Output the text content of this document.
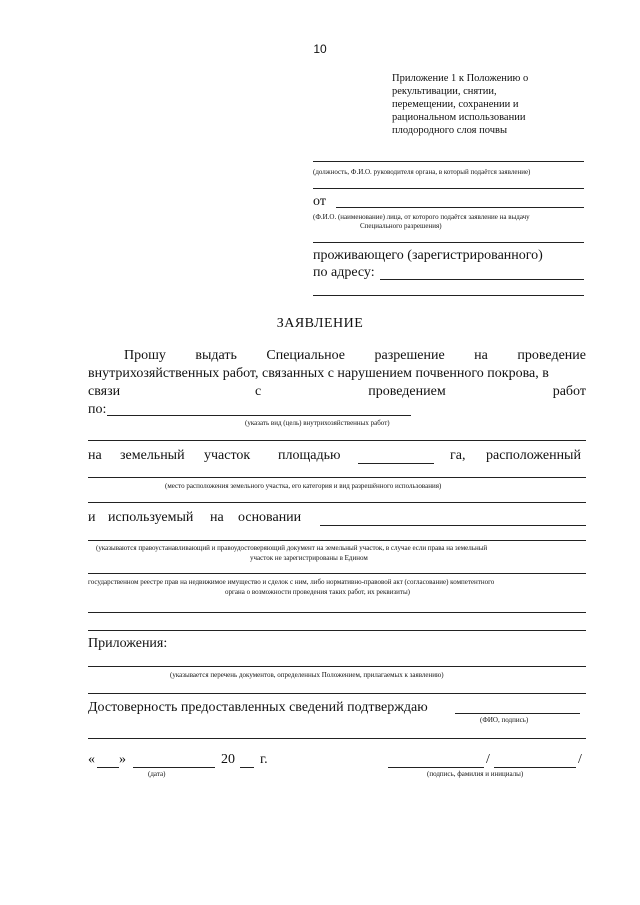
10
Приложение 1 к Положению о рекультивации, снятии, перемещении, сохранении и рациональном использовании плодородного слоя почвы
(должность, Ф.И.О. руководителя органа, в который подаётся заявление)
от
(Ф.И.О. (наименование) лица, от которого подаётся заявление на выдачу
Специального разрешения)
проживающего (зарегистрированного)
по адресу:
ЗАЯВЛЕНИЕ
Прошу выдать Специальное разрешение на проведение
внутрихозяйственных работ, связанных с нарушением почвенного покрова, в
связи	с	проведением	работ
по:
(указать вид (цель) внутрихозяйственных работ)
на земельный участок площадью	га, расположенный
(место расположения земельного участка, его категория и вид разрешённого использования)
и используемый на основании
(указываются правоустанавливающий и правоудостоверяющий документ на земельный участок, в случае если права на земельный
участок не зарегистрированы в Едином
государственном реестре прав на недвижимое имущество и сделок с ним, либо нормативно-правовой акт (согласование) компетентного
органа о возможности проведения таких работ, их реквизиты)
Приложения:
(указывается перечень документов, определенных Положением, прилагаемых к заявлению)
Достоверность предоставленных сведений подтверждаю
(ФИО, подпись)
« »	20 г.
(дата)
/	/
(подпись, фамилия и инициалы)
